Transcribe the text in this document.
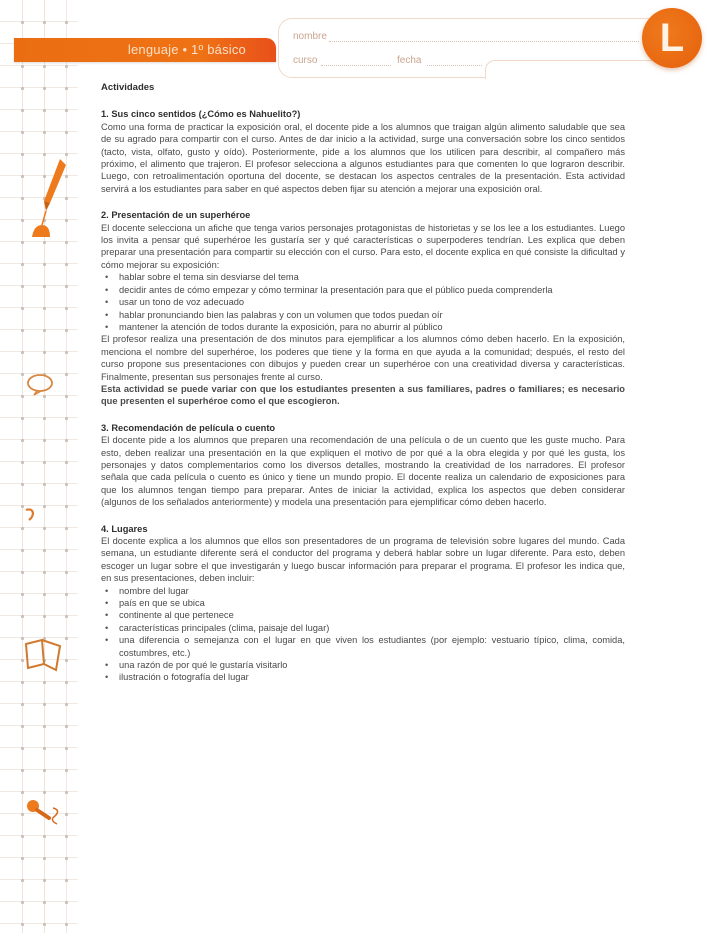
lenguaje • 1º básico
nombre
curso	fecha
L

Actividades

1. Sus cinco sentidos (¿Cómo es Nahuelito?)

Como una forma de practicar la exposición oral, el docente pide a los alumnos que traigan algún alimento saludable que sea de su agrado para compartir con el curso. Antes de dar inicio a la actividad, surge una conversación sobre los cinco sentidos (tacto, vista, olfato, gusto y oído). Posteriormente, pide a los alumnos que los utilicen para describir, al compañero más próximo, el alimento que trajeron. El profesor selecciona a algunos estudiantes para que comenten lo que lograron describir. Luego, con retroalimentación oportuna del docente, se destacan los aspectos centrales de la presentación. Esta actividad servirá a los estudiantes para saber en qué aspectos deben fijar su atención a mejorar una exposición oral.

2. Presentación de un superhéroe

El docente selecciona un afiche que tenga varios personajes protagonistas de historietas y se los lee a los estudiantes. Luego los invita a pensar qué superhéroe les gustaría ser y qué características o superpoderes tendrían. Les explica que deben preparar una presentación para compartir su elección con el curso. Para esto, el docente explica en qué consiste la dificultad y cómo mejorar su exposición:

• hablar sobre el tema sin desviarse del tema
• decidir antes de cómo empezar y cómo terminar la presentación para que el público pueda comprenderla
• usar un tono de voz adecuado
• hablar pronunciando bien las palabras y con un volumen que todos puedan oír
• mantener la atención de todos durante la exposición, para no aburrir al público

El profesor realiza una presentación de dos minutos para ejemplificar a los alumnos cómo deben hacerlo. En la exposición, menciona el nombre del superhéroe, los poderes que tiene y la forma en que ayuda a la comunidad; después, el resto del curso propone sus presentaciones con dibujos y pueden crear un superhéroe con una creatividad diversa y características. Finalmente, presentan sus personajes frente al curso.

Esta actividad se puede variar con que los estudiantes presenten a sus familiares, padres o familiares; es necesario que presenten el superhéroe como el que escogieron.

3. Recomendación de película o cuento

El docente pide a los alumnos que preparen una recomendación de una película o de un cuento que les guste mucho. Para esto, deben realizar una presentación en la que expliquen el motivo de por qué a la obra elegida y por qué les gusta, los personajes y datos complementarios como los diversos detalles, mostrando la creatividad de los narradores. El profesor señala que cada película o cuento es único y tiene un mundo propio. El docente realiza un calendario de exposiciones para que los alumnos tengan tiempo para preparar. Antes de iniciar la actividad, explica los aspectos que deben considerar (algunos de los señalados anteriormente) y modela una presentación para ejemplificar cómo deben hacerlo.

4. Lugares

El docente explica a los alumnos que ellos son presentadores de un programa de televisión sobre lugares del mundo. Cada semana, un estudiante diferente será el conductor del programa y deberá hablar sobre un lugar diferente. Para esto, deben escoger un lugar sobre el que investigarán y luego buscar información para preparar el programa. El profesor les indica que, en sus presentaciones, deben incluir:

• nombre del lugar
• país en que se ubica
• continente al que pertenece
• características principales (clima, paisaje del lugar)
• una diferencia o semejanza con el lugar en que viven los estudiantes (por ejemplo: vestuario típico, clima, comida, costumbres, etc.)
• una razón de por qué le gustaría visitarlo
• ilustración o fotografía del lugar
